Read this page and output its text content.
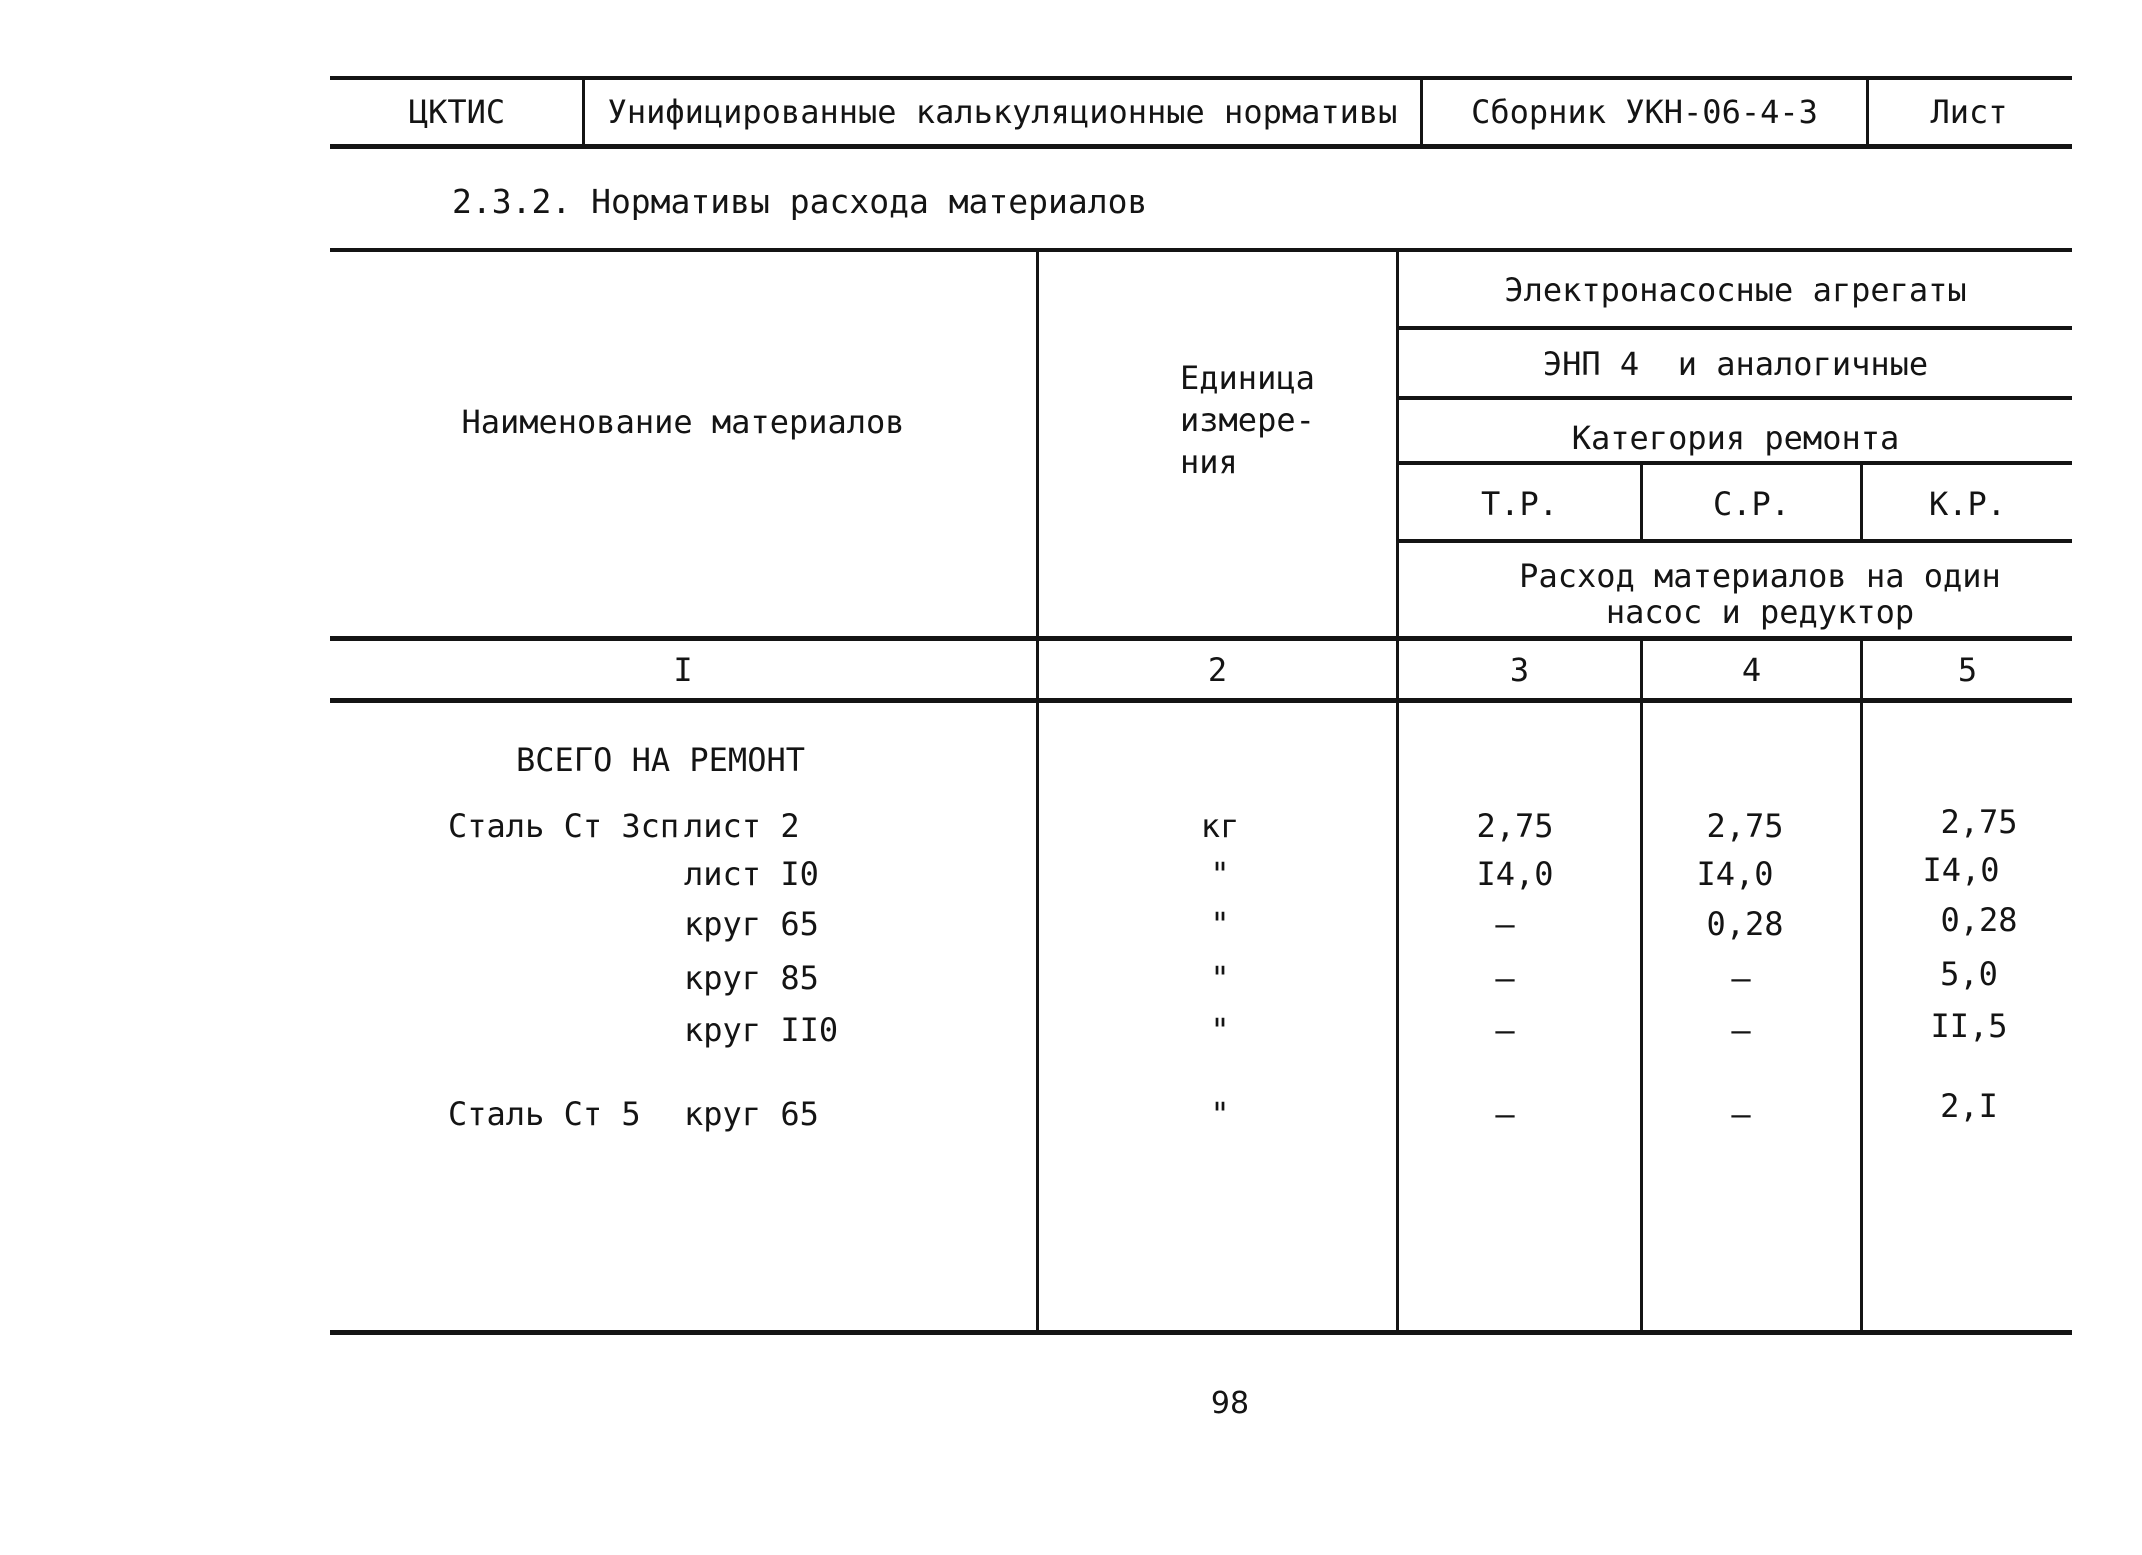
ЦКТИС	Унифицированные калькуляционные нормативы	Сборник УКН-06-4-3	Лист
2.3.2. Нормативы расхода материалов
Наименование материалов
Единица
измере-
ния
Электронасосные агрегаты
ЭНП 4  и аналогичные
Категория ремонта
Т.Р.	С.Р.	К.Р.
Расход материалов на один
насос и редуктор
I	2	3	4	5
ВСЕГО НА РЕМОНТ
Сталь Ст 3сп лист 2	кг	2,75	2,75	2,75
лист I0	"	I4,0	I4,0	I4,0
круг 65	"	–	0,28	0,28
круг 85	"	–	–	5,0
круг II0	"	–	–	II,5
Сталь Ст 5 круг 65	"	–	–	2,I
98
